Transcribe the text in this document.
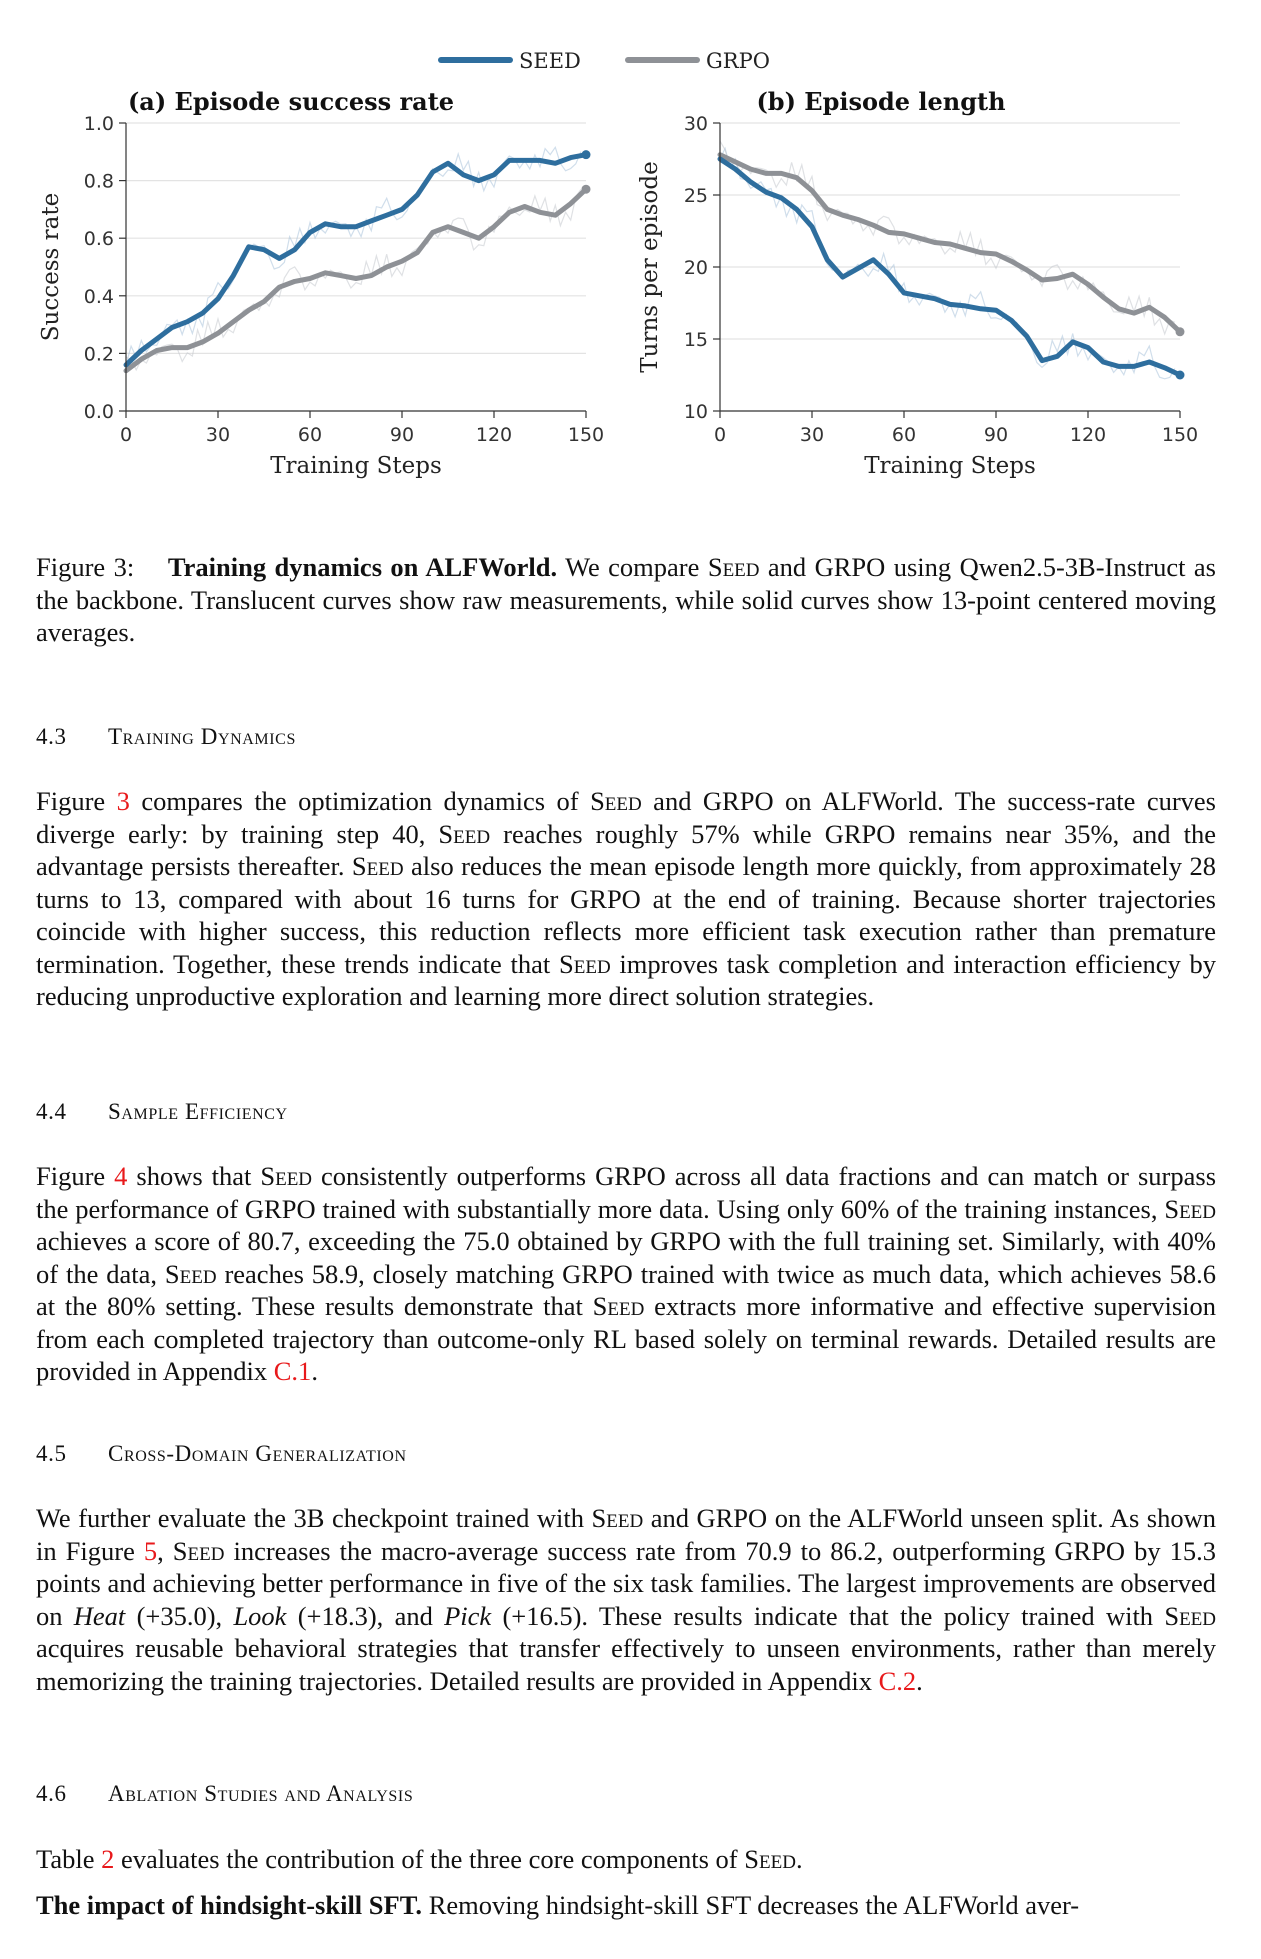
SEED	GRPO
(a) Episode success rate
0.0
0.2
0.4
0.6
0.8
1.0
0	30	60	90	120	150
Training Steps
Success rate
(b) Episode length
10
15
20
25
30
0	30	60	90	120	150
Training Steps
Turns per episode
Figure 3: Training dynamics on ALFWorld. We compare Seed and GRPO using Qwen2.5-3B-Instruct as the backbone. Translucent curves show raw measurements, while solid curves show 13-point centered moving averages.
4.3 Training Dynamics
Figure 3 compares the optimization dynamics of Seed and GRPO on ALFWorld. The success-rate curves diverge early: by training step 40, Seed reaches roughly 57% while GRPO remains near 35%, and the advantage persists thereafter. Seed also reduces the mean episode length more quickly, from approximately 28 turns to 13, compared with about 16 turns for GRPO at the end of training. Because shorter trajectories coincide with higher success, this reduction reflects more efficient task execution rather than premature termination. Together, these trends indicate that Seed improves task completion and interaction efficiency by reducing unproductive exploration and learning more direct solution strategies.
4.4 Sample Efficiency
Figure 4 shows that Seed consistently outperforms GRPO across all data fractions and can match or surpass the performance of GRPO trained with substantially more data. Using only 60% of the training instances, Seed achieves a score of 80.7, exceeding the 75.0 obtained by GRPO with the full training set. Similarly, with 40% of the data, Seed reaches 58.9, closely matching GRPO trained with twice as much data, which achieves 58.6 at the 80% setting. These results demonstrate that Seed extracts more informative and effective supervision from each completed trajectory than outcome-only RL based solely on terminal rewards. Detailed results are provided in Appendix C.1.
4.5 Cross-Domain Generalization
We further evaluate the 3B checkpoint trained with Seed and GRPO on the ALFWorld unseen split. As shown in Figure 5, Seed increases the macro-average success rate from 70.9 to 86.2, outperforming GRPO by 15.3 points and achieving better performance in five of the six task families. The largest improvements are observed on Heat (+35.0), Look (+18.3), and Pick (+16.5). These results indicate that the policy trained with Seed acquires reusable behavioral strategies that transfer effectively to unseen environments, rather than merely memorizing the training trajectories. Detailed results are provided in Appendix C.2.
4.6 Ablation Studies and Analysis
Table 2 evaluates the contribution of the three core components of Seed.
The impact of hindsight-skill SFT. Removing hindsight-skill SFT decreases the ALFWorld aver-
